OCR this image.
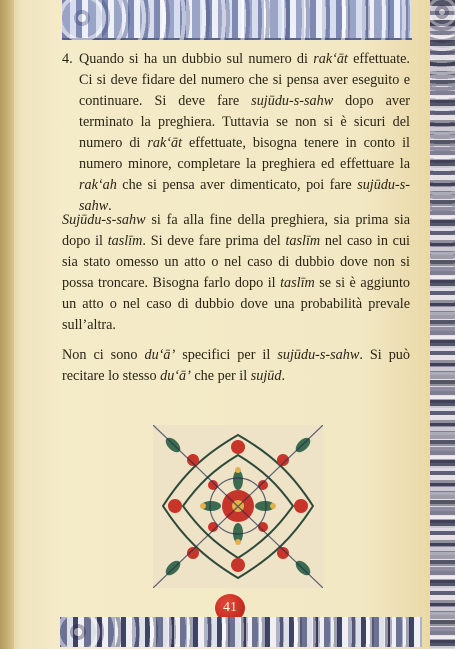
4. Quando si ha un dubbio sul numero di rak‘āt effettuate. Ci si deve fidare del numero che si pensa aver eseguito e continuare. Si deve fare sujūdu-s-sahw dopo aver terminato la preghiera. Tuttavia se non si è sicuri del numero di rak‘āt effettuate, bisogna tenere in conto il numero minore, completare la preghiera ed effettuare la rak‘ah che si pensa aver dimenticato, poi fare sujūdu-s-sahw.
Sujūdu-s-sahw si fa alla fine della preghiera, sia prima sia dopo il taslīm. Si deve fare prima del taslīm nel caso in cui sia stato omesso un atto o nel caso di dubbio dove non si possa troncare. Bisogna farlo dopo il taslīm se si è aggiunto un atto o nel caso di dubbio dove una probabilità prevale sull’altra.
Non ci sono du‘ā’ specifici per il sujūdu-s-sahw. Si può recitare lo stesso du‘ā’ che per il sujūd.
41
